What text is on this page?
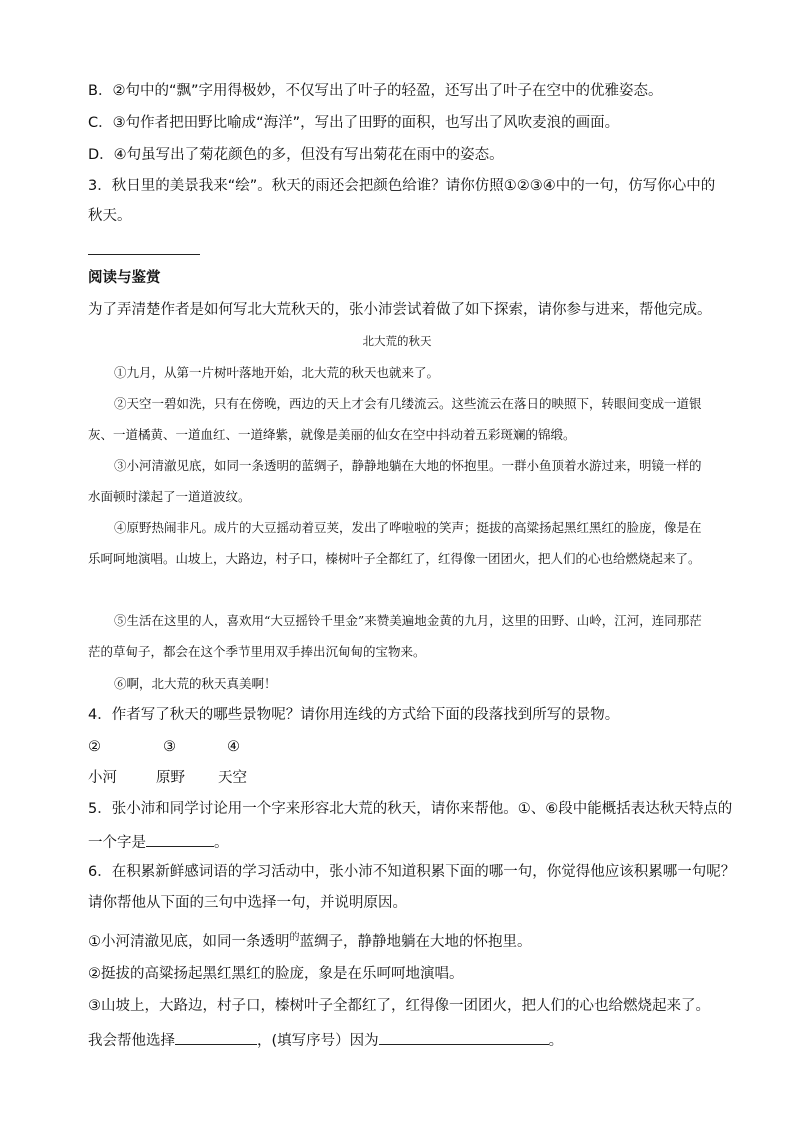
B．②句中的“飘”字用得极妙，不仅写出了叶子的轻盈，还写出了叶子在空中的优雅姿态。
C．③句作者把田野比喻成“海洋”，写出了田野的面积，也写出了风吹麦浪的画面。
D．④句虽写出了菊花颜色的多，但没有写出菊花在雨中的姿态。
3．秋日里的美景我来“绘”。秋天的雨还会把颜色给谁？请你仿照①②③④中的一句，仿写你心中的
秋天。
阅读与鉴赏
为了弄清楚作者是如何写北大荒秋天的，张小沛尝试着做了如下探索，请你参与进来，帮他完成。
北大荒的秋天
①九月，从第一片树叶落地开始，北大荒的秋天也就来了。
②天空一碧如洗，只有在傍晚，西边的天上才会有几缕流云。这些流云在落日的映照下，转眼间变成一道银灰、一道橘黄、一道血红、一道绛紫，就像是美丽的仙女在空中抖动着五彩斑斓的锦缎。
③小河清澈见底，如同一条透明的蓝绸子，静静地躺在大地的怀抱里。一群小鱼顶着水游过来，明镜一样的水面顿时漾起了一道道波纹。
④原野热闹非凡。成片的大豆摇动着豆荚，发出了哗啦啦的笑声；挺拔的高粱扬起黑红黑红的脸庞，像是在乐呵呵地演唱。山坡上，大路边，村子口，榛树叶子全都红了，红得像一团团火，把人们的心也给燃烧起来了。
⑤生活在这里的人，喜欢用“大豆摇铃千里金”来赞美遍地金黄的九月，这里的田野、山岭，江河，连同那茫茫的草甸子，都会在这个季节里用双手捧出沉甸甸的宝物来。
⑥啊，北大荒的秋天真美啊！
4．作者写了秋天的哪些景物呢？请你用连线的方式给下面的段落找到所写的景物。
②	③	④
小河	原野 天空
5．张小沛和同学讨论用一个字来形容北大荒的秋天，请你来帮他。①、⑥段中能概括表达秋天特点的
一个字是	。
6．在积累新鲜感词语的学习活动中，张小沛不知道积累下面的哪一句，你觉得他应该积累哪一句呢？
请你帮他从下面的三句中选择一句，并说明原因。
①小河清澈见底，如同一条透明$^的$蓝绸子，静静地躺在大地的怀抱里。
②挺拔的高粱扬起黑红黑红的脸庞，象是在乐呵呵地演唱。
③山坡上，大路边，村子口，榛树叶子全都红了，红得像一团团火，把人们的心也给燃烧起来了。
我会帮他选择	，(填写序号）因为	。
